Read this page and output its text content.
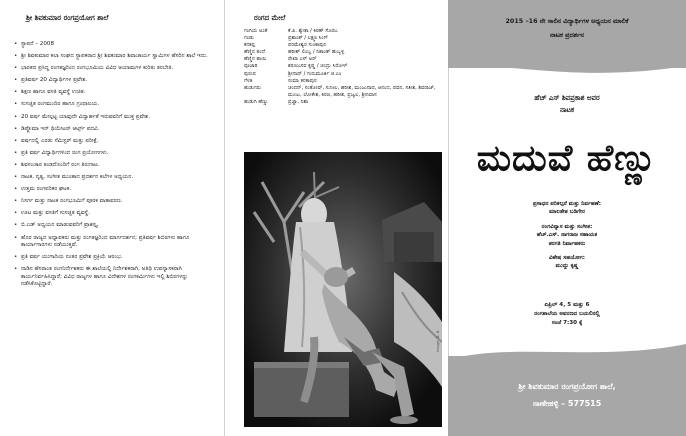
ಶ್ರೀ ಶಿವಕುಮಾರ ರಂಗಪ್ರಯೋಗ ಶಾಲೆ
• ಸ್ಥಾಪನೆ – 2008
• ಶ್ರೀ ಶಿವಕುಮಾರ ಕಲಾ ಸಂಘದ ಸ್ಥಾಪಕರಾದ ಶ್ರೀ ಶಿವಕುಮಾರ ಶಿವಾಚಾರ್ಯ ಸ್ವಾಮಿಗಳ ಹೆಸರಿನ ಶಾಲೆ ಇದು.
• ಭಾರತದ ಪ್ರಸಿದ್ಧ ರಂಗತಜ್ಞರಿಂದ ರಂಗಭೂಮಿಯ ವಿವಿಧ ಆಯಾಮಗಳ ಕುರಿತು ತರಬೇತಿ.
• ಪ್ರತಿವರ್ಷ 20 ವಿದ್ಯಾರ್ಥಿಗಳ ಪ್ರವೇಶ.
• ಶಿಕ್ಷಣ ಹಾಗೂ ವಸತಿ ವ್ಯವಸ್ಥೆ ಉಚಿತ.
• ಸುಸಜ್ಜಿತ ರಂಗಮಂದಿರ ಹಾಗೂ ಗ್ರಂಥಾಲಯ.
• 20 ವರ್ಷ ಮೇಲ್ಪಟ್ಟ ಯಾವುದೇ ವಿದ್ಯಾರ್ಹತೆ ಇರುವವರಿಗೆ ಮುಕ್ತ ಪ್ರವೇಶ.
• ಡಿಪ್ಲೊಮಾ ಇನ್ ಥಿಯೇಟರ್ ಆರ್ಟ್ಸ್ ಪದವಿ.
• ವರ್ಷದಲ್ಲಿ ಎರಡು ಸೆಮಿಸ್ಟರ್ ಮತ್ತು ಪರೀಕ್ಷೆ.
• ಪ್ರತಿ ವರ್ಷ ವಿದ್ಯಾರ್ಥಿಗಳಿಂದ ರಂಗ ಪ್ರಯೋಗಗಳು.
• ಶಿವಸಂಚಾರ ತಂಡದೊಂದಿಗೆ ರಂಗ ತಿರುಗಾಟ.
• ನಾಟಕ, ನೃತ್ಯ, ಸಂಗೀತ ಮುಂತಾದ ಪ್ರದರ್ಶನ ಕಲೆಗಳ ಅಧ್ಯಯನ.
• ಉತ್ತಮ ರಂಗಪರಿಕರ ಘಟಕ.
• ನಿಸರ್ಗ ಮತ್ತು ನಾಟಕ ರಂಗಭೂಮಿಗೆ ಪೂರಕ ವಾತಾವರಣ.
• ಊಟ ಮತ್ತು ವಸತಿಗೆ ಸುಸಜ್ಜಿತ ವ್ಯವಸ್ಥೆ.
• ಬಿ.ಎಡ್ ಅಧ್ಯಯನ ಮಾಡುವವರಿಗೆ ಪ್ರಾಶಸ್ತ್ಯ.
• ಹೊರ ರಾಜ್ಯದ ಅಧ್ಯಾಪಕರು ಮತ್ತು ರಂಗತಜ್ಞರಿಂದ ಮಾರ್ಗದರ್ಶನ; ಪ್ರತಿವರ್ಷ ಶಿಬಿರಗಳು ಹಾಗೂ ಕಾರ್ಯಾಗಾರಗಳು ನಡೆಯುತ್ತವೆ.
• ಪ್ರತಿ ವರ್ಷ ಯುಗಾದಿಯ ನಂತರ ಪ್ರವೇಶ ಪ್ರಕ್ರಿಯೆ ಆರಂಭ.
• ನಾಡಿನ ಹೆಸರಾಂತ ರಂಗನಿರ್ದೇಶಕರು ಈ ಶಾಲೆಯಲ್ಲಿ ನಿರ್ದೇಶಕರಾಗಿ, ಅತಿಥಿ ಉಪನ್ಯಾಸಕರಾಗಿ ಕಾರ್ಯನಿರ್ವಹಿಸಿದ್ದಾರೆ; ವಿವಿಧ ರಾಜ್ಯಗಳ ಹಾಗೂ ವಿದೇಶಗಳ ರಂಗಕರ್ಮಿಗಳು ಇಲ್ಲಿ ಶಿಬಿರಗಳನ್ನು ನಡೆಸಿಕೊಟ್ಟಿದ್ದಾರೆ.
ರಂಗದ ಮೇಲೆ
ಗಂಗಿಯ ಅಂತೆ	ಕೆ.ಪಿ. ಶ್ವೇತಾ / ಕಿರಣ್ ಸೊರಬ
ಗಂಡು	ಪ್ರಶಾಂತ್ / ಲಕ್ಷ್ಮಣ ಸಿಂಗ್
ಕನಕಪ್ಪ	ಪರಮೇಶ್ವರ ಸುಂಕಾಪುರ
ಹೆಣ್ಣಿನ ತಂದೆ	ಹರೀಶ್ ಲಿಂಬ್ಲ / ನಿಶಾಂತ್ ಹುಬ್ಬಳ್ಳಿ
ಹೆಣ್ಣಿನ ತಾಯಿ	ರೇಖಾ ಎಸ್ ಅರ್
ಪೂಜಾರಿ	ಶರಣಬಸವ ಕೃಷ್ಣ / ಚಂದ್ರು ಸಿರೋಳ್
ಪುರುಷ	ಶ್ರೀನಾಥ್ / ಗುರುಮೂರ್ತಿ ಜಿ.ಎಂ
ಗೆಳತಿ	ಸುಮಾ ಕನಕಾಪುರ
ಹುಡುಗರು	ಚಂದನ್, ಸಂತೋಷ್, ಸುನೀಲ, ಹರೀಶ, ಮಂಜುನಾಥ, ಆನಂದ, ಪವನ, ಸತೀಶ, ಶಿವರಾಜ್, ಮಂಜು, ಲೋಕೇಶ, ಕಿರಣ, ಹರೀಶ, ಪ್ರಜ್ವಲ, ಶ್ರೀನಿವಾಸ
ಹುಡುಗಿ ಹೆಣ್ಣು	ಪ್ರಜ್ಞಾ, ನಿಶಾ
Image: D. N.
2015 –16 ನೇ ಸಾಲಿನ ವಿದ್ಯಾರ್ಥಿಗಳ ಅಧ್ಯಯನ ಮಾಲಿಕೆ
ನಾಟಕ ಪ್ರದರ್ಶನ
ಹೆಚ್ ಎಸ್ ಶಿವಪ್ರಕಾಶ ಅವರ
ನಾಟಕ
ಮದುವೆ ಹೆಣ್ಣು
ಪ್ರಸಾಧನ ಪರಿಕಲ್ಪನೆ ಮತ್ತು ನಿರ್ವಹಣೆ:
ಮಾಲತೇಶ ಬಡಿಗೇರ
ರಂಗವಿನ್ಯಾಸ ಮತ್ತು ಸಂಗೀತ:
ಹೆಚ್.ಎಸ್. ನಾಗರಾಜ ಸಹಾಯಕ
ತರಗತಿ ನಿರ್ವಾಹಕರು
ವಿಶೇಷ ಸಹಯೋಗ:
ಮುದ್ದು ಕೃಷ್ಣ
ಏಪ್ರಿಲ್ 4, 5 ಮತ್ತು 6
ರಂಗಶಾಲೆಯ ಅವರಣದ ಬಯಲಿನಲ್ಲಿ
ಸಂಜೆ 7:30 ಕ್ಕೆ
ಶ್ರೀ ಶಿವಕುಮಾರ ರಂಗಪ್ರಯೋಗ ಶಾಲೆ,
ಸಾಣೇಹಳ್ಳಿ – 577515
